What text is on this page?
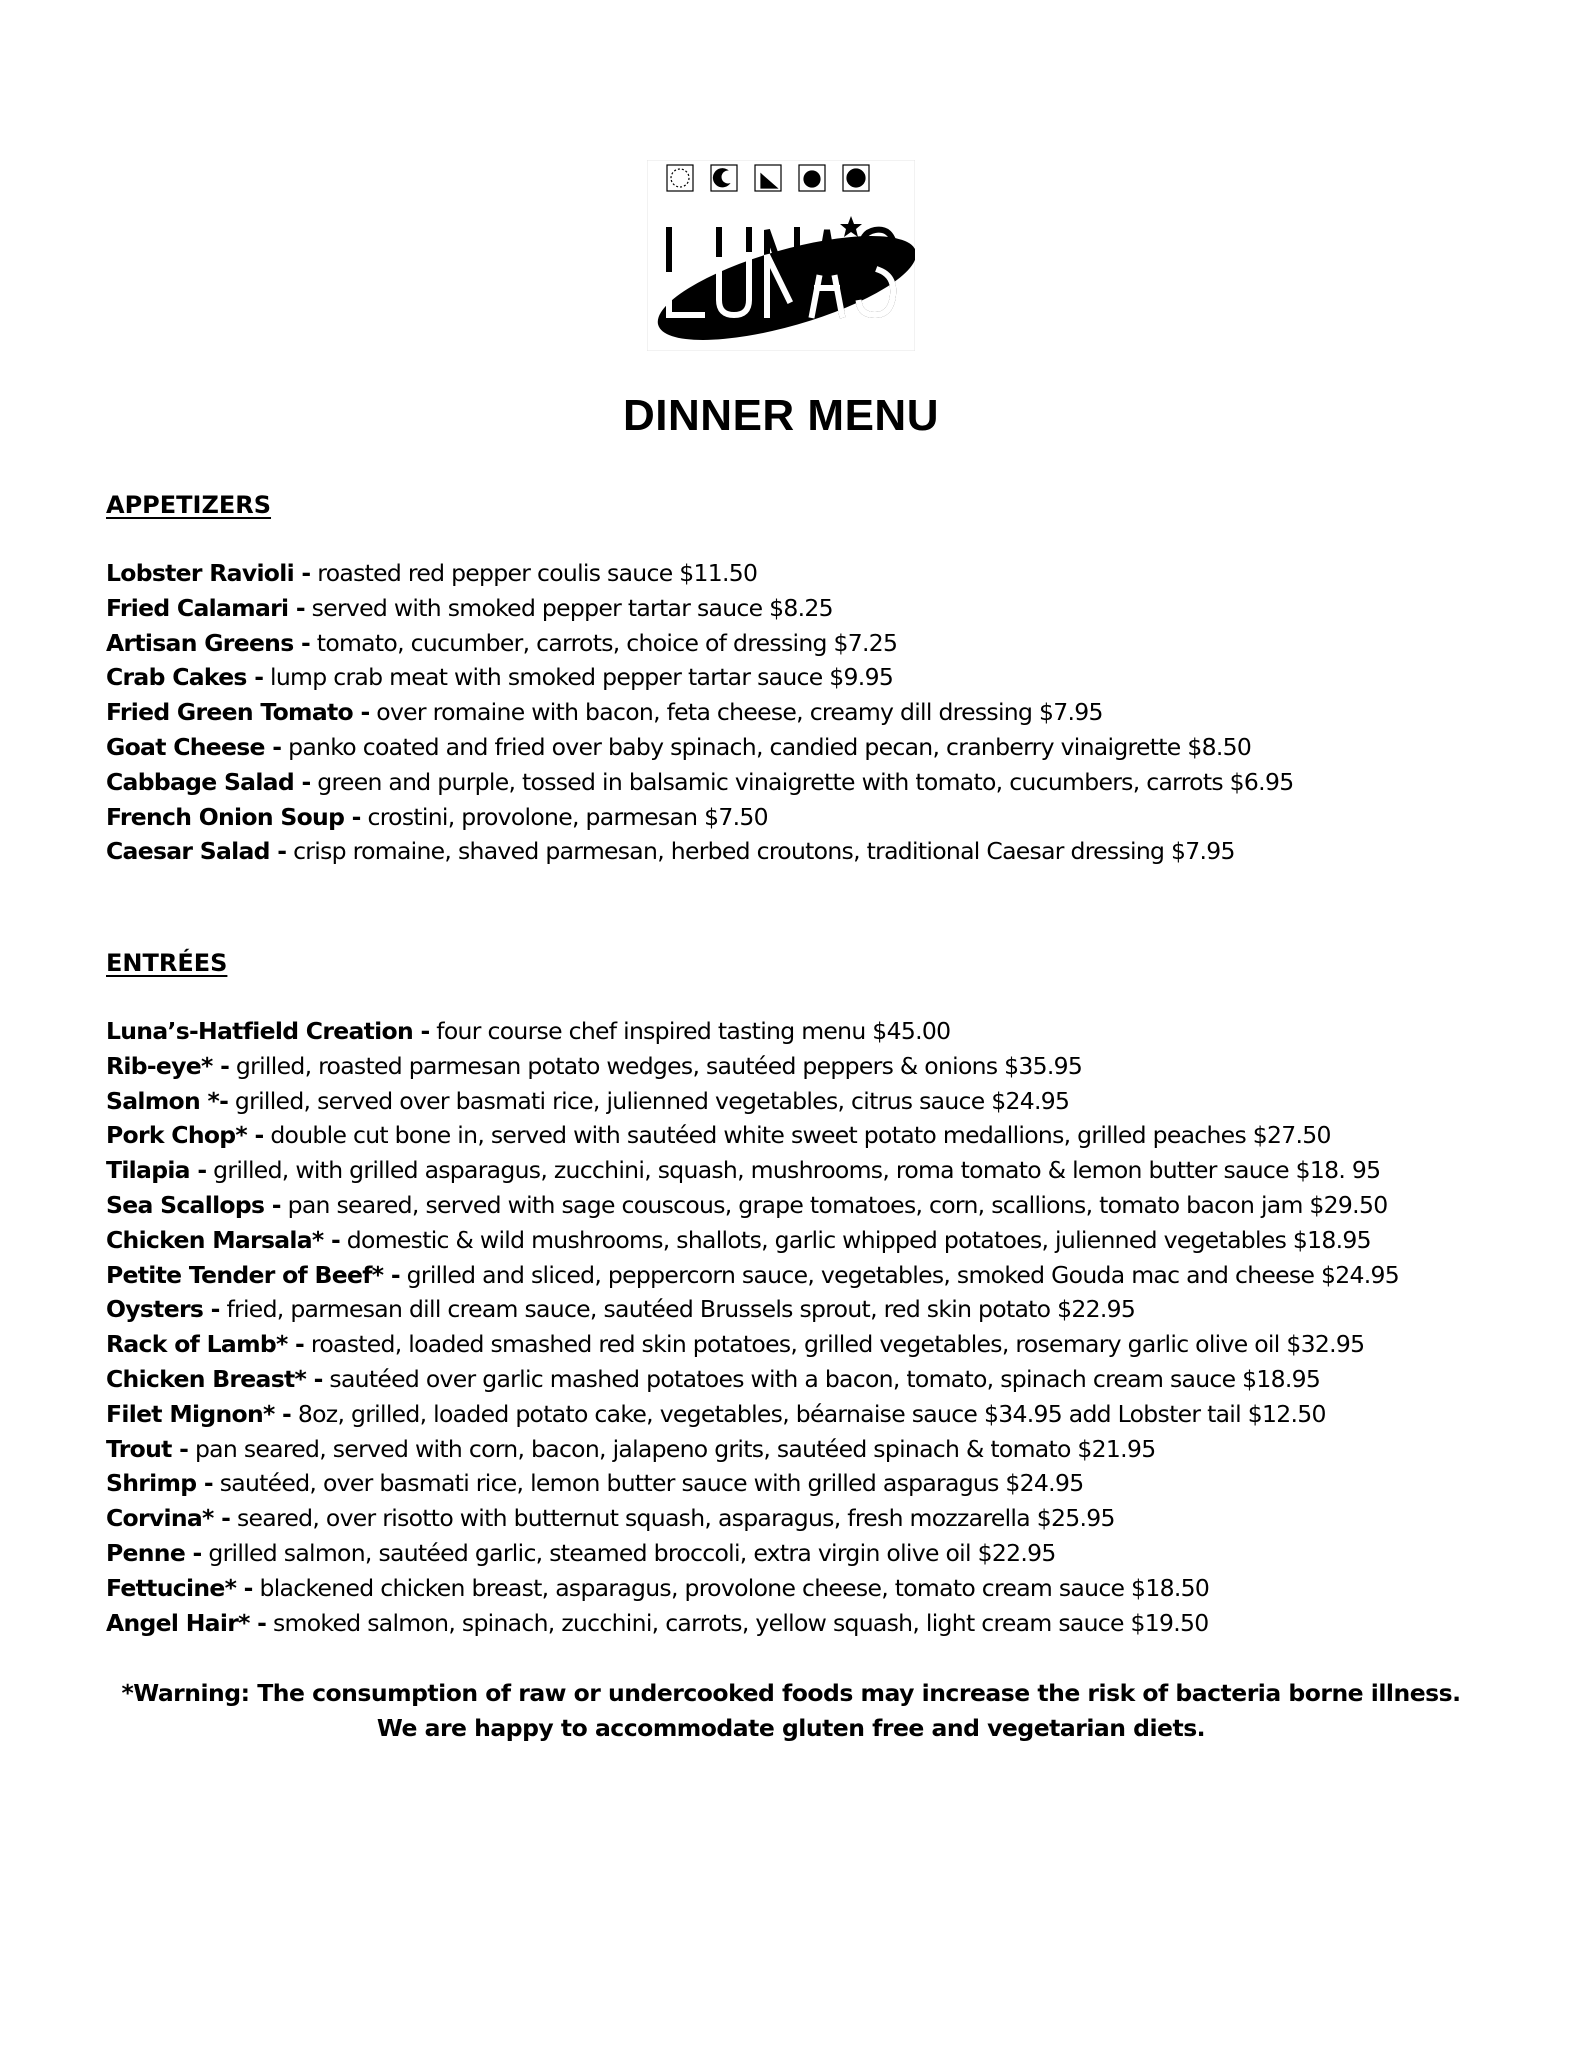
DINNER MENU
APPETIZERS
Lobster Ravioli - roasted red pepper coulis sauce $11.50
Fried Calamari - served with smoked pepper tartar sauce $8.25
Artisan Greens - tomato, cucumber, carrots, choice of dressing $7.25
Crab Cakes - lump crab meat with smoked pepper tartar sauce $9.95
Fried Green Tomato - over romaine with bacon, feta cheese, creamy dill dressing $7.95
Goat Cheese - panko coated and fried over baby spinach, candied pecan, cranberry vinaigrette $8.50
Cabbage Salad - green and purple, tossed in balsamic vinaigrette with tomato, cucumbers, carrots $6.95
French Onion Soup - crostini, provolone, parmesan $7.50
Caesar Salad - crisp romaine, shaved parmesan, herbed croutons, traditional Caesar dressing $7.95
ENTRÉES
Luna’s-Hatfield Creation - four course chef inspired tasting menu $45.00
Rib-eye* - grilled, roasted parmesan potato wedges, sautéed peppers & onions $35.95
Salmon *- grilled, served over basmati rice, julienned vegetables, citrus sauce $24.95
Pork Chop* - double cut bone in, served with sautéed white sweet potato medallions, grilled peaches $27.50
Tilapia - grilled, with grilled asparagus, zucchini, squash, mushrooms, roma tomato & lemon butter sauce $18. 95
Sea Scallops - pan seared, served with sage couscous, grape tomatoes, corn, scallions, tomato bacon jam $29.50
Chicken Marsala* - domestic & wild mushrooms, shallots, garlic whipped potatoes, julienned vegetables $18.95
Petite Tender of Beef* - grilled and sliced, peppercorn sauce, vegetables, smoked Gouda mac and cheese $24.95
Oysters - fried, parmesan dill cream sauce, sautéed Brussels sprout, red skin potato $22.95
Rack of Lamb* - roasted, loaded smashed red skin potatoes, grilled vegetables, rosemary garlic olive oil $32.95
Chicken Breast* - sautéed over garlic mashed potatoes with a bacon, tomato, spinach cream sauce $18.95
Filet Mignon* - 8oz, grilled, loaded potato cake, vegetables, béarnaise sauce $34.95 add Lobster tail $12.50
Trout - pan seared, served with corn, bacon, jalapeno grits, sautéed spinach & tomato $21.95
Shrimp - sautéed, over basmati rice, lemon butter sauce with grilled asparagus $24.95
Corvina* - seared, over risotto with butternut squash, asparagus, fresh mozzarella $25.95
Penne - grilled salmon, sautéed garlic, steamed broccoli, extra virgin olive oil $22.95
Fettucine* - blackened chicken breast, asparagus, provolone cheese, tomato cream sauce $18.50
Angel Hair* - smoked salmon, spinach, zucchini, carrots, yellow squash, light cream sauce $19.50
*Warning: The consumption of raw or undercooked foods may increase the risk of bacteria borne illness.
We are happy to accommodate gluten free and vegetarian diets.
